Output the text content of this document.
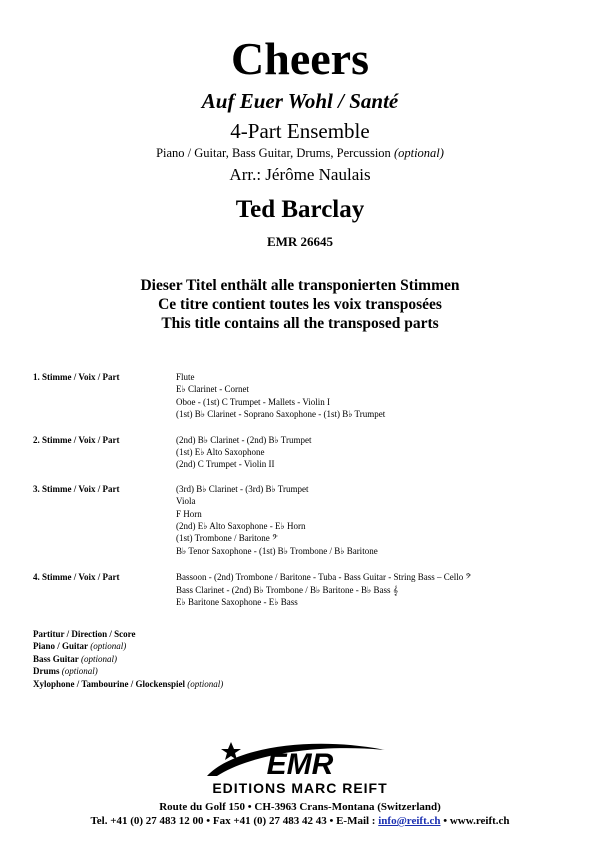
Cheers
Auf Euer Wohl / Santé
4-Part Ensemble
Piano / Guitar, Bass Guitar, Drums, Percussion (optional)
Arr.: Jérôme Naulais
Ted Barclay
EMR 26645
Dieser Titel enthält alle transponierten Stimmen
Ce titre contient toutes les voix transposées
This title contains all the transposed parts
1. Stimme / Voix / Part	Flute
E♭ Clarinet - Cornet
Oboe - (1st) C Trumpet - Mallets - Violin I
(1st) B♭ Clarinet - Soprano Saxophone - (1st) B♭ Trumpet
2. Stimme / Voix / Part	(2nd) B♭ Clarinet - (2nd) B♭ Trumpet
(1st) E♭ Alto Saxophone
(2nd) C Trumpet - Violin II
3. Stimme / Voix / Part	(3rd) B♭ Clarinet - (3rd) B♭ Trumpet
Viola
F Horn
(2nd) E♭ Alto Saxophone - E♭ Horn
(1st) Trombone / Baritone 𝄢
B♭ Tenor Saxophone - (1st) B♭ Trombone / B♭ Baritone
4. Stimme / Voix / Part	Bassoon - (2nd) Trombone / Baritone - Tuba - Bass Guitar - String Bass – Cello 𝄢
Bass Clarinet - (2nd) B♭ Trombone / B♭ Baritone - B♭ Bass 𝄞
E♭ Baritone Saxophone - E♭ Bass
Partitur / Direction / Score
Piano / Guitar (optional)
Bass Guitar (optional)
Drums (optional)
Xylophone / Tambourine / Glockenspiel (optional)
EMR
EDITIONS MARC REIFT
Route du Golf 150 • CH-3963 Crans-Montana (Switzerland)
Tel. +41 (0) 27 483 12 00 • Fax +41 (0) 27 483 42 43 • E-Mail : info@reift.ch • www.reift.ch
